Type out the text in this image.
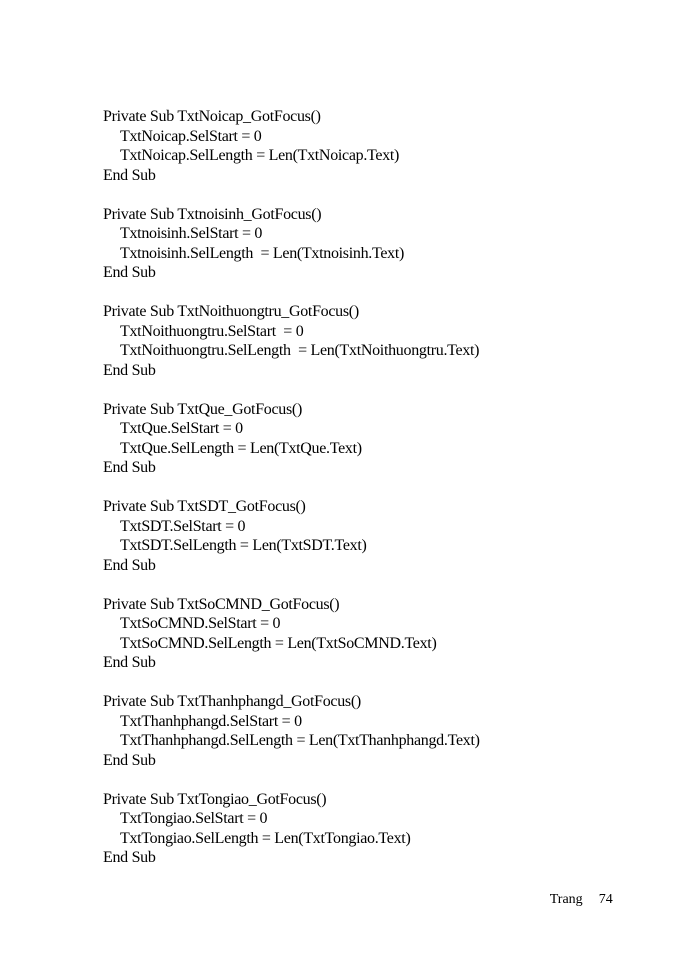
Private Sub TxtNoicap_GotFocus()
TxtNoicap.SelStart = 0
TxtNoicap.SelLength = Len(TxtNoicap.Text)
End Sub
Private Sub Txtnoisinh_GotFocus()
Txtnoisinh.SelStart = 0
Txtnoisinh.SelLength  = Len(Txtnoisinh.Text)
End Sub
Private Sub TxtNoithuongtru_GotFocus()
TxtNoithuongtru.SelStart  = 0
TxtNoithuongtru.SelLength  = Len(TxtNoithuongtru.Text)
End Sub
Private Sub TxtQue_GotFocus()
TxtQue.SelStart = 0
TxtQue.SelLength = Len(TxtQue.Text)
End Sub
Private Sub TxtSDT_GotFocus()
TxtSDT.SelStart = 0
TxtSDT.SelLength = Len(TxtSDT.Text)
End Sub
Private Sub TxtSoCMND_GotFocus()
TxtSoCMND.SelStart = 0
TxtSoCMND.SelLength = Len(TxtSoCMND.Text)
End Sub
Private Sub TxtThanhphangd_GotFocus()
TxtThanhphangd.SelStart = 0
TxtThanhphangd.SelLength = Len(TxtThanhphangd.Text)
End Sub
Private Sub TxtTongiao_GotFocus()
TxtTongiao.SelStart = 0
TxtTongiao.SelLength = Len(TxtTongiao.Text)
End Sub

Trang 74
